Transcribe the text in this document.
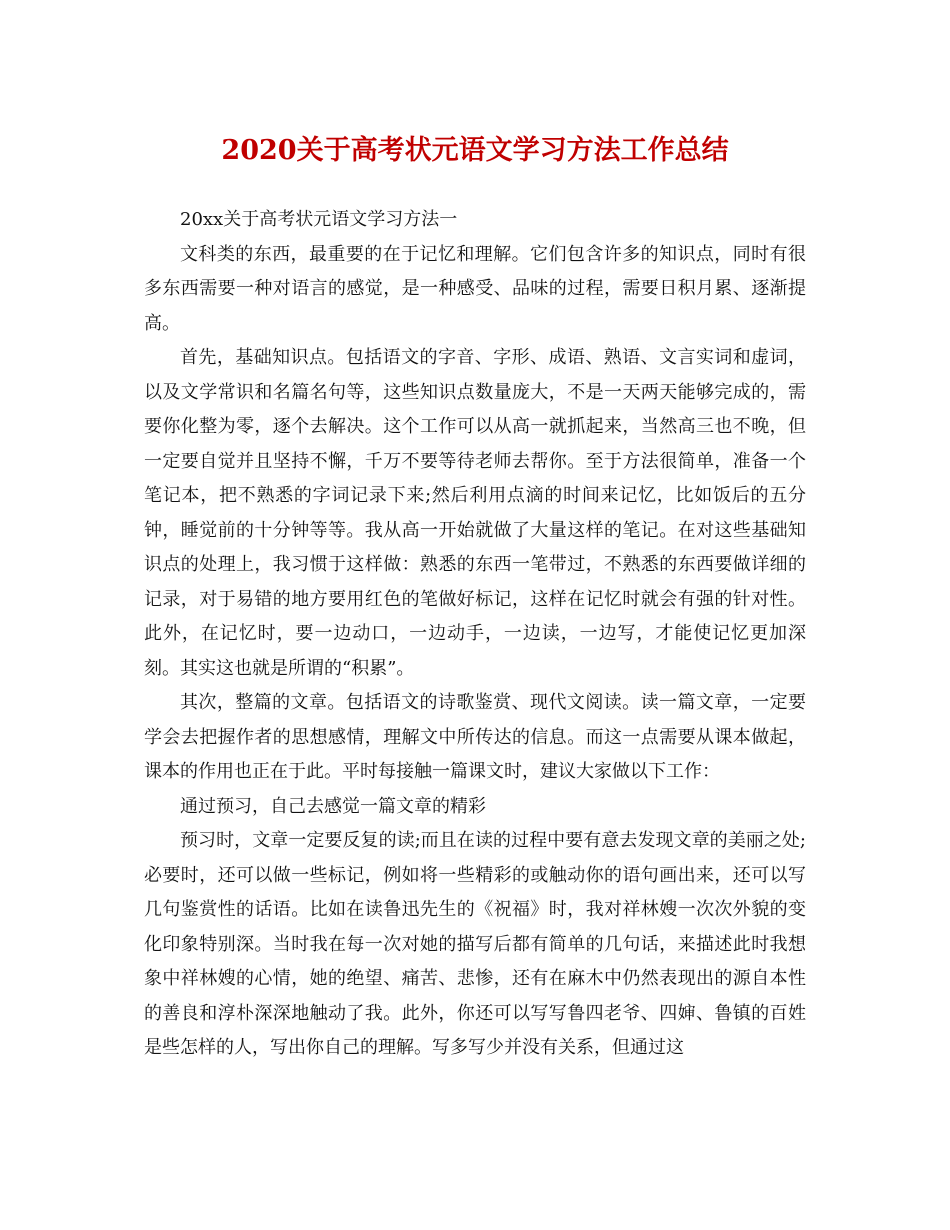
2020关于高考状元语文学习方法工作总结

20xx关于高考状元语文学习方法一

文科类的东西，最重要的在于记忆和理解。它们包含许多的知识点，同时有很多东西需要一种对语言的感觉，是一种感受、品味的过程，需要日积月累、逐渐提高。

首先，基础知识点。包括语文的字音、字形、成语、熟语、文言实词和虚词，以及文学常识和名篇名句等，这些知识点数量庞大，不是一天两天能够完成的，需要你化整为零，逐个去解决。这个工作可以从高一就抓起来，当然高三也不晚，但一定要自觉并且坚持不懈，千万不要等待老师去帮你。至于方法很简单，准备一个笔记本，把不熟悉的字词记录下来;然后利用点滴的时间来记忆，比如饭后的五分钟，睡觉前的十分钟等等。我从高一开始就做了大量这样的笔记。在对这些基础知识点的处理上，我习惯于这样做：熟悉的东西一笔带过，不熟悉的东西要做详细的记录，对于易错的地方要用红色的笔做好标记，这样在记忆时就会有强的针对性。此外，在记忆时，要一边动口，一边动手，一边读，一边写，才能使记忆更加深刻。其实这也就是所谓的“积累”。

其次，整篇的文章。包括语文的诗歌鉴赏、现代文阅读。读一篇文章，一定要学会去把握作者的思想感情，理解文中所传达的信息。而这一点需要从课本做起，课本的作用也正在于此。平时每接触一篇课文时，建议大家做以下工作：

通过预习，自己去感觉一篇文章的精彩

预习时，文章一定要反复的读;而且在读的过程中要有意去发现文章的美丽之处;必要时，还可以做一些标记，例如将一些精彩的或触动你的语句画出来，还可以写几句鉴赏性的话语。比如在读鲁迅先生的《祝福》时，我对祥林嫂一次次外貌的变化印象特别深。当时我在每一次对她的描写后都有简单的几句话，来描述此时我想象中祥林嫂的心情，她的绝望、痛苦、悲惨，还有在麻木中仍然表现出的源自本性的善良和淳朴深深地触动了我。此外，你还可以写写鲁四老爷、四婶、鲁镇的百姓是些怎样的人，写出你自己的理解。写多写少并没有关系，但通过这
